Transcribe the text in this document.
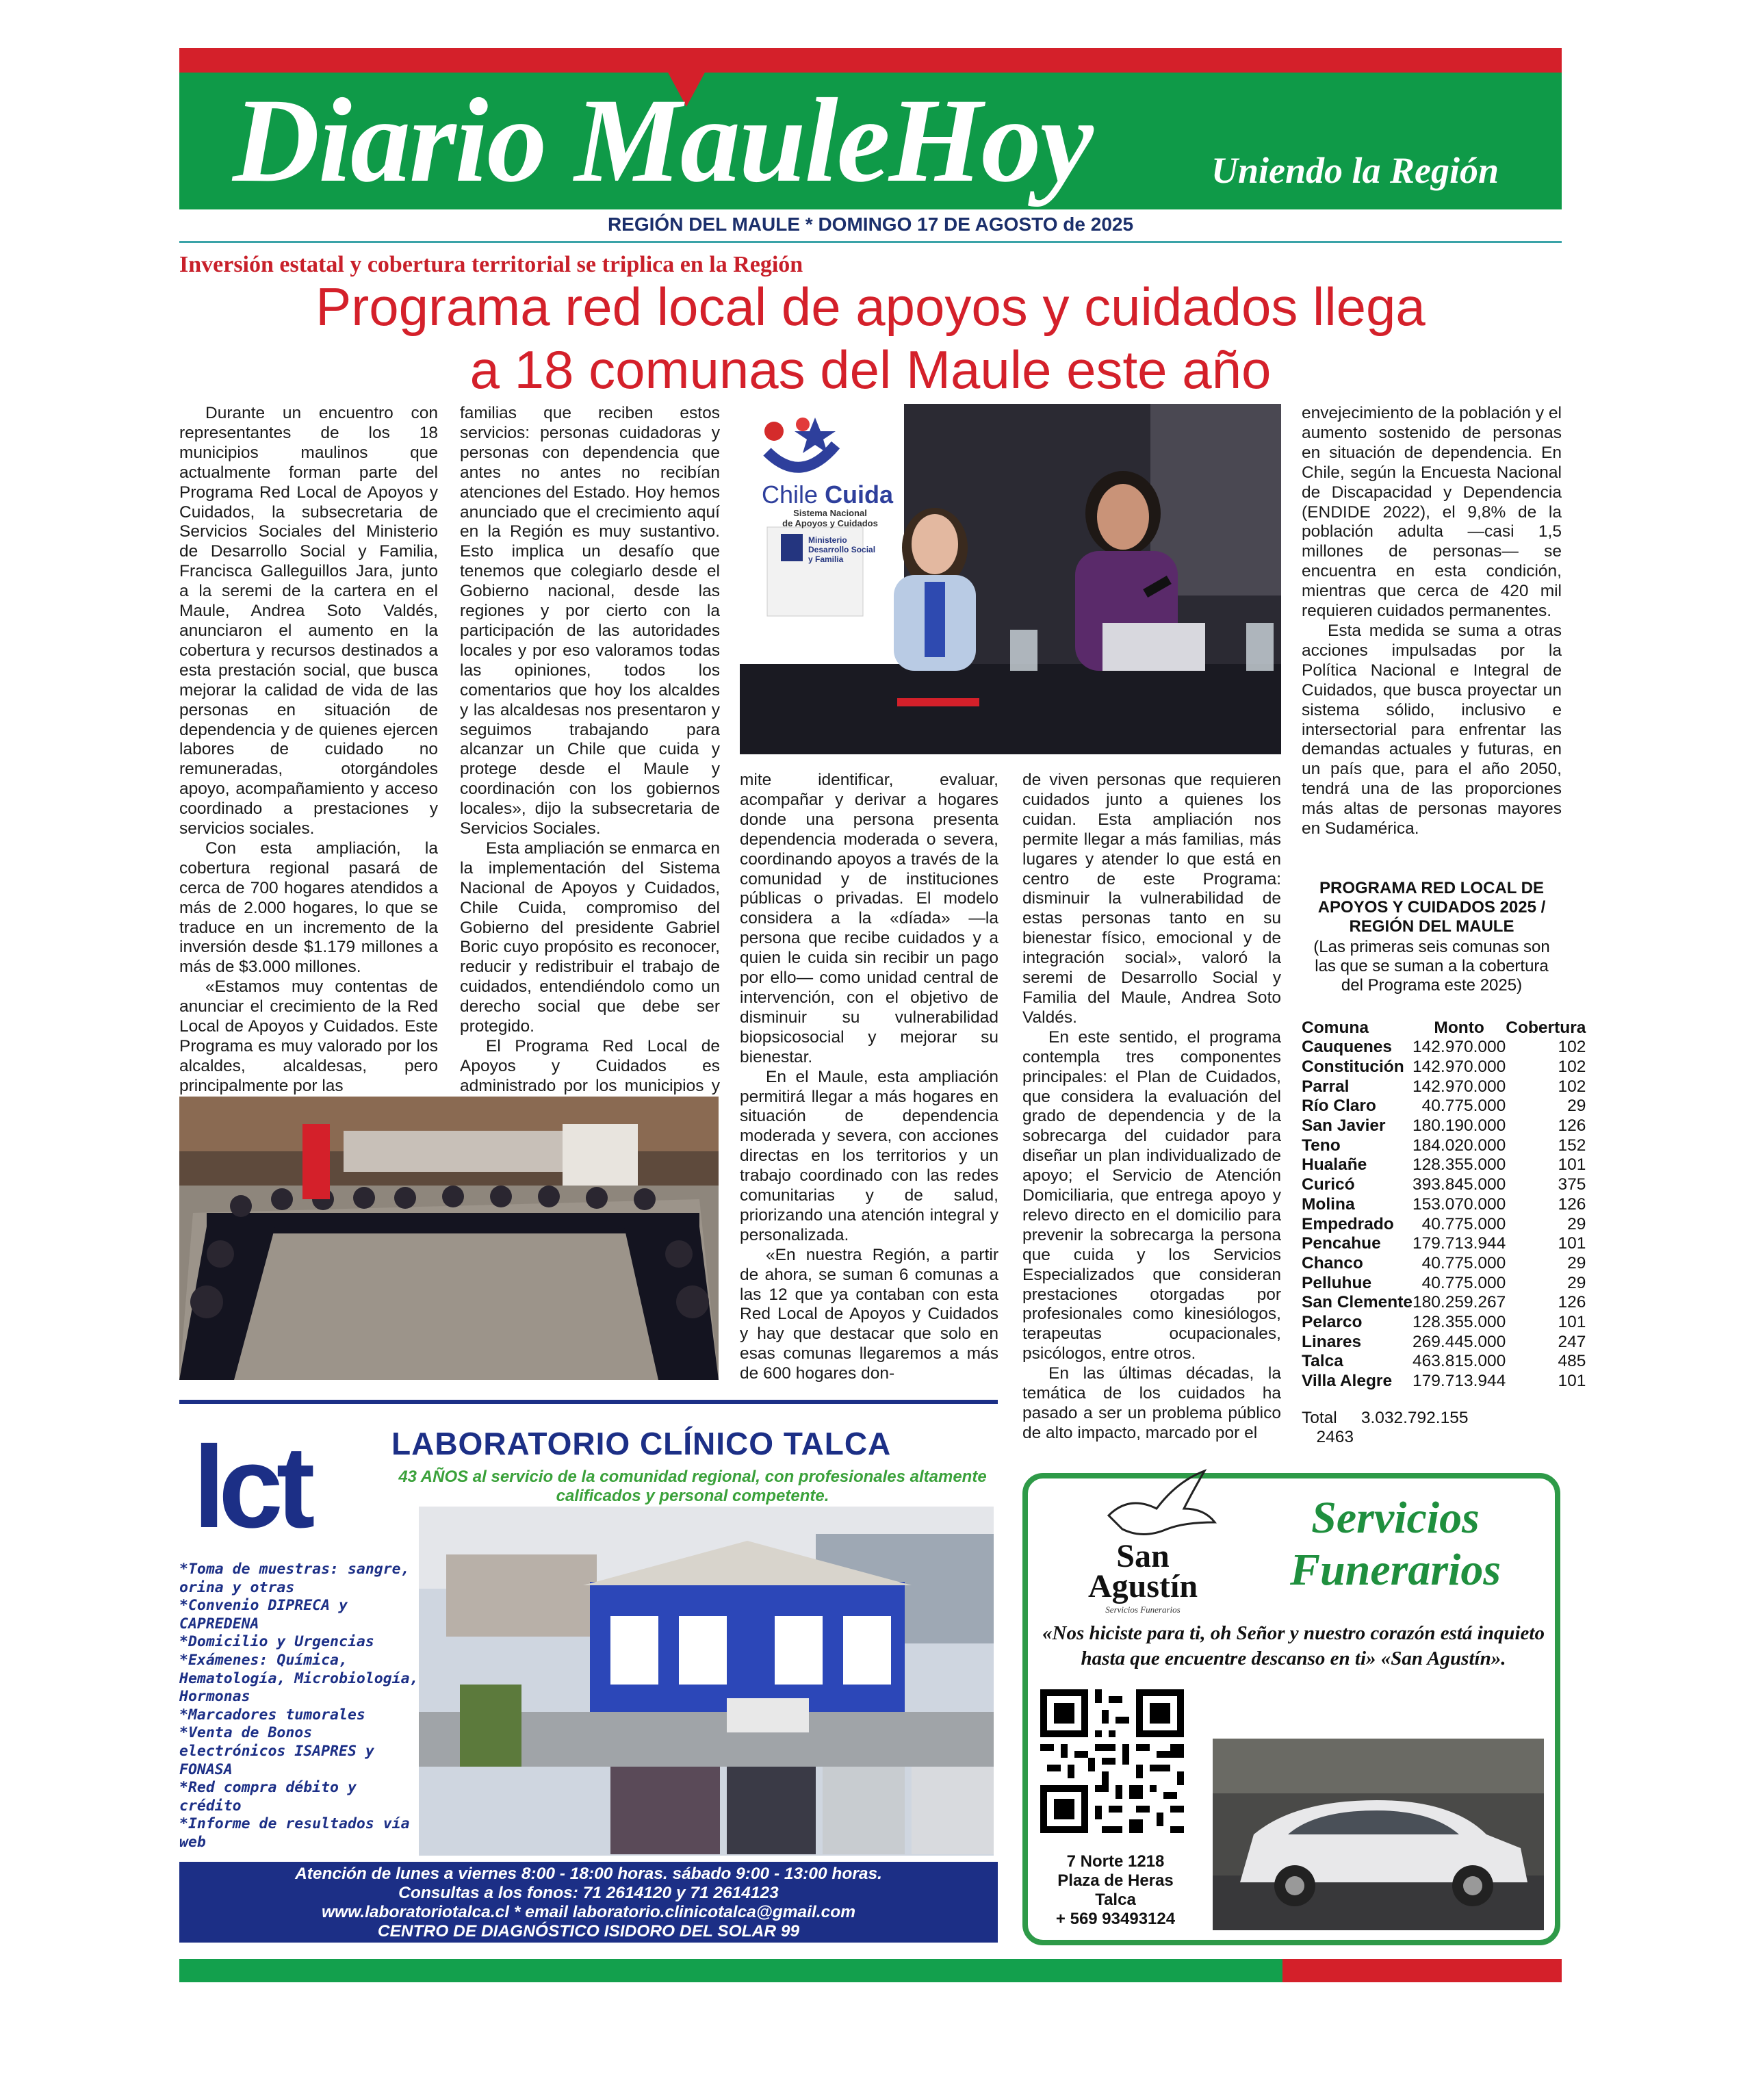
Diario MauleHoy	Uniendo la Región
REGIÓN DEL MAULE * DOMINGO 17 DE AGOSTO de 2025
Inversión estatal y cobertura territorial se triplica en la Región
Programa red local de apoyos y cuidados llega
a 18 comunas del Maule este año

Durante un encuentro con representantes de los 18 municipios maulinos que actualmente forman parte del Programa Red Local de Apoyos y Cuidados, la subsecretaria de Servicios Sociales del Ministerio de Desarrollo Social y Familia, Francisca Galleguillos Jara, junto a la seremi de la cartera en el Maule, Andrea Soto Valdés, anunciaron el aumento en la cobertura y recursos destinados a esta prestación social, que busca mejorar la calidad de vida de las personas en situación de dependencia y de quienes ejercen labores de cuidado no remuneradas, otorgándoles apoyo, acompañamiento y acceso coordinado a prestaciones y servicios sociales.

Con esta ampliación, la cobertura regional pasará de cerca de 700 hogares atendidos a más de 2.000 hogares, lo que se traduce en un incremento de la inversión desde $1.179 millones a más de $3.000 millones.

«Estamos muy contentas de anunciar el crecimiento de la Red Local de Apoyos y Cuidados. Este Programa es muy valorado por los alcaldes, alcaldesas, pero principalmente por las

familias que reciben estos servicios: personas cuidadoras y personas con dependencia que antes no antes no recibían atenciones del Estado. Hoy hemos anunciado que el crecimiento aquí en la Región es muy sustantivo. Esto implica un desafío que tenemos que colegiarlo desde el Gobierno nacional, desde las regiones y por cierto con la participación de las autoridades locales y por eso valoramos todas las opiniones, todos los comentarios que hoy los alcaldes y las alcaldesas nos presentaron y seguimos trabajando para alcanzar un Chile que cuida y protege desde el Maule y coordinación con los gobiernos locales», dijo la subsecretaria de Servicios Sociales.

Esta ampliación se enmarca en la implementación del Sistema Nacional de Apoyos y Cuidados, Chile Cuida, compromiso del Gobierno del presidente Gabriel Boric cuyo propósito es reconocer, reducir y redistribuir el trabajo de cuidados, entendiéndolo como un derecho social que debe ser protegido.

El Programa Red Local de Apoyos y Cuidados es administrado por los municipios y

mite identificar, evaluar, acompañar y derivar a hogares donde una persona presenta dependencia moderada o severa, coordinando apoyos a través de la comunidad y de instituciones públicas o privadas. El modelo considera a la «díada» —la persona que recibe cuidados y a quien le cuida sin recibir un pago por ello— como unidad central de intervención, con el objetivo de disminuir su vulnerabilidad biopsicosocial y mejorar su bienestar.

En el Maule, esta ampliación permitirá llegar a más hogares en situación de dependencia moderada y severa, con acciones directas en los territorios y un trabajo coordinado con las redes comunitarias y de salud, priorizando una atención integral y personalizada.

«En nuestra Región, a partir de ahora, se suman 6 comunas a las 12 que ya contaban con esta Red Local de Apoyos y Cuidados y hay que destacar que solo en esas comunas llegaremos a más de 600 hogares don-

de viven personas que requieren cuidados junto a quienes los cuidan. Esta ampliación nos permite llegar a más familias, más lugares y atender lo que está en centro de este Programa: disminuir la vulnerabilidad de estas personas tanto en su bienestar físico, emocional y de integración social», valoró la seremi de Desarrollo Social y Familia del Maule, Andrea Soto Valdés.

En este sentido, el programa contempla tres componentes principales: el Plan de Cuidados, que considera la evaluación del grado de dependencia y de la sobrecarga del cuidador para diseñar un plan individualizado de apoyo; el Servicio de Atención Domiciliaria, que entrega apoyo y relevo directo en el domicilio para prevenir la sobrecarga la persona que cuida y los Servicios Especializados que consideran prestaciones otorgadas por profesionales como kinesiólogos, terapeutas ocupacionales, psicólogos, entre otros.

En las últimas décadas, la temática de los cuidados ha pasado a ser un problema público de alto impacto, marcado por el

envejecimiento de la población y el aumento sostenido de personas en situación de dependencia. En Chile, según la Encuesta Nacional de Discapacidad y Dependencia (ENDIDE 2022), el 9,8% de la población adulta —casi 1,5 millones de personas— se encuentra en esta condición, mientras que cerca de 420 mil requieren cuidados permanentes.

Esta medida se suma a otras acciones impulsadas por la Política Nacional e Integral de Cuidados, que busca proyectar un sistema sólido, inclusivo e intersectorial para enfrentar las demandas actuales y futuras, en un país que, para el año 2050, tendrá una de las proporciones más altas de personas mayores en Sudamérica.

Chile Cuida
Sistema Nacional
de Apoyos y Cuidados
Ministerio Desarrollo Social y Familia
PROGRAMA RED LOCAL DE APOYOS Y CUIDADOS 2025 / REGIÓN DEL MAULE
(Las primeras seis comunas son las que se suman a la cobertura del Programa este 2025)
Comuna	Monto	Cobertura
Cauquenes	142.970.000	102
Constitución	142.970.000	102
Parral	142.970.000	102
Río Claro	40.775.000	29
San Javier	180.190.000	126
Teno	184.020.000	152
Hualañe	128.355.000	101
Curicó	393.845.000	375
Molina	153.070.000	126
Empedrado	40.775.000	29
Pencahue	179.713.944	101
Chanco	40.775.000	29
Pelluhue	40.775.000	29
San Clemente	180.259.267	126
Pelarco	128.355.000	101
Linares	269.445.000	247
Talca	463.815.000	485
Villa Alegre	179.713.944	101
Total 3.032.792.155 2463
lct	LABORATORIO CLÍNICO TALCA
43 AÑOS al servicio de la comunidad regional, con profesionales altamente calificados y personal competente.
*Toma de muestras: sangre, orina y otras
*Convenio DIPRECA y CAPREDENA
*Domicilio y Urgencias
*Exámenes: Química, Hematología, Microbiología, Hormonas
*Marcadores tumorales
*Venta de Bonos electrónicos ISAPRES y FONASA
*Red compra débito y crédito
*Informe de resultados vía web
Atención de lunes a viernes 8:00 - 18:00 horas. sábado 9:00 - 13:00 horas.
Consultas a los fonos: 71 2614120 y 71 2614123
www.laboratoriotalca.cl * email laboratorio.clinicotalca@gmail.com
CENTRO DE DIAGNÓSTICO ISIDORO DEL SOLAR 99
San
Agustín
Servicios Funerarios
Servicios
Funerarios
«Nos hiciste para ti, oh Señor y nuestro corazón está inquieto hasta que encuentre descanso en ti» «San Agustín».
7 Norte 1218
Plaza de Heras
Talca
+ 569 93493124
